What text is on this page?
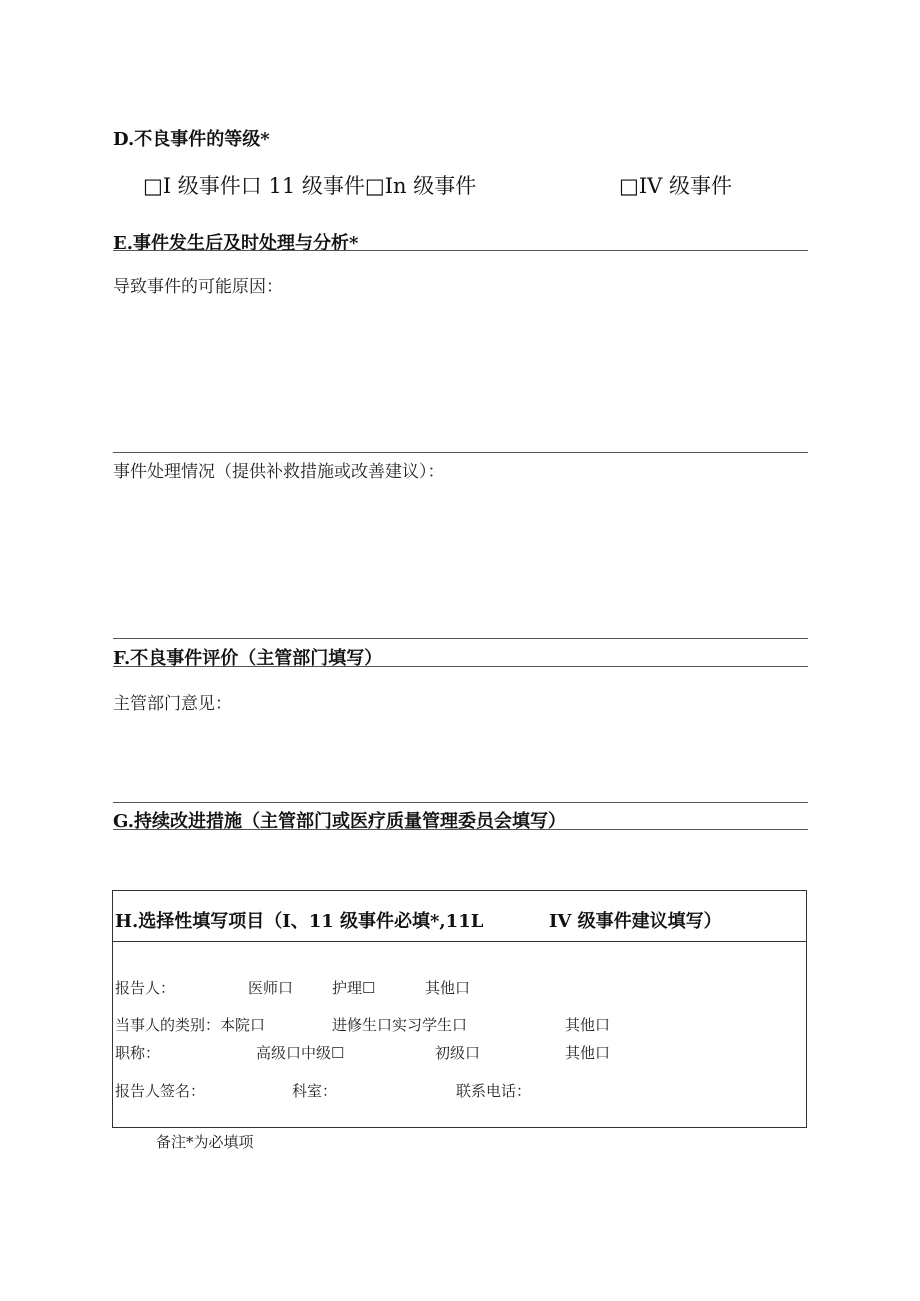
D.不良事件的等级*
□I 级事件口 11 级事件□In 级事件	□IV 级事件
E.事件发生后及时处理与分析*
导致事件的可能原因：
事件处理情况（提供补救措施或改善建议）：
F.不良事件评价（主管部门填写）
主管部门意见：
G.持续改进措施（主管部门或医疗质量管理委员会填写）
H.选择性填写项目（I、11 级事件必填*,11L	IV 级事件建议填写）
报告人：	医师口	护理☐	其他口
当事人的类别：本院口	进修生口实习学生口	其他口
职称：	高级口中级☐	初级口	其他口
报告人签名：	科室：	联系电话：
备注*为必填项
